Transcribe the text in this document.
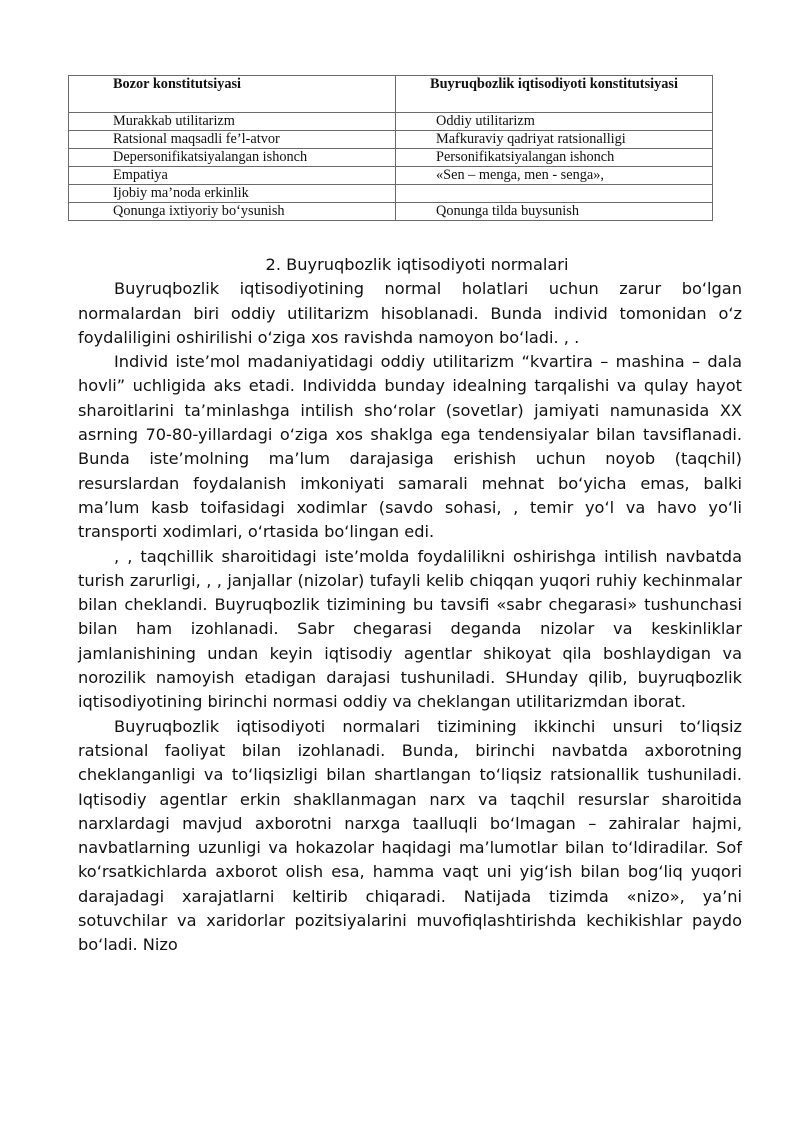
Bozor konstitutsiyasi	Buyruqbozlik iqtisodiyoti konstitutsiyasi
Murakkab utilitarizm	Oddiy utilitarizm
Ratsional maqsadli fe’l-atvor	Mafkuraviy qadriyat ratsionalligi
Depersonifikatsiyalangan ishonch	Personifikatsiyalangan ishonch
Empatiya	«Sen – menga, men - senga»,
Ijobiy ma’noda erkinlik	
Qonunga ixtiyoriy bo‘ysunish	Qonunga tilda buysunish
2. Buyruqbozlik iqtisodiyoti normalari

Buyruqbozlik iqtisodiyotining normal holatlari uchun zarur bo‘lgan normalardan biri oddiy utilitarizm hisoblanadi. Bunda individ tomonidan o‘z foydaliligini oshirilishi o‘ziga xos ravishda namoyon bo‘ladi. , .

Individ iste’mol madaniyatidagi oddiy utilitarizm “kvartira – mashina – dala hovli” uchligida aks etadi. Individda bunday idealning tarqalishi va qulay hayot sharoitlarini ta’minlashga intilish sho‘rolar (sovetlar) jamiyati namunasida XX asrning 70-80-yillardagi o‘ziga xos shaklga ega tendensiyalar bilan tavsiflanadi. Bunda iste’molning ma’lum darajasiga erishish uchun noyob (taqchil) resurslardan foydalanish imkoniyati samarali mehnat bo‘yicha emas, balki ma’lum kasb toifasidagi xodimlar (savdo sohasi, , temir yo‘l va havo yo‘li transporti xodimlari, o‘rtasida bo‘lingan edi.

, , taqchillik sharoitidagi iste’molda foydalilikni oshirishga intilish navbatda turish zarurligi, , , janjallar (nizolar) tufayli kelib chiqqan yuqori ruhiy kechinmalar bilan cheklandi. Buyruqbozlik tizimining bu tavsifi «sabr chegarasi» tushunchasi bilan ham izohlanadi. Sabr chegarasi deganda nizolar va keskinliklar jamlanishining undan keyin iqtisodiy agentlar shikoyat qila boshlaydigan va norozilik namoyish etadigan darajasi tushuniladi. SHunday qilib, buyruqbozlik iqtisodiyotining birinchi normasi oddiy va cheklangan utilitarizmdan iborat.

Buyruqbozlik iqtisodiyoti normalari tizimining ikkinchi unsuri to‘liqsiz ratsional faoliyat bilan izohlanadi. Bunda, birinchi navbatda axborotning cheklanganligi va to‘liqsizligi bilan shartlangan to‘liqsiz ratsionallik tushuniladi. Iqtisodiy agentlar erkin shakllanmagan narx va taqchil resurslar sharoitida narxlardagi mavjud axborotni narxga taalluqli bo‘lmagan – zahiralar hajmi, navbatlarning uzunligi va hokazolar haqidagi ma’lumotlar bilan to‘ldiradilar. Sof ko‘rsatkichlarda axborot olish esa, hamma vaqt uni yig‘ish bilan bog‘liq yuqori darajadagi xarajatlarni keltirib chiqaradi. Natijada tizimda «nizo», ya’ni sotuvchilar va xaridorlar pozitsiyalarini muvofiqlashtirishda kechikishlar paydo bo‘ladi. Nizo
